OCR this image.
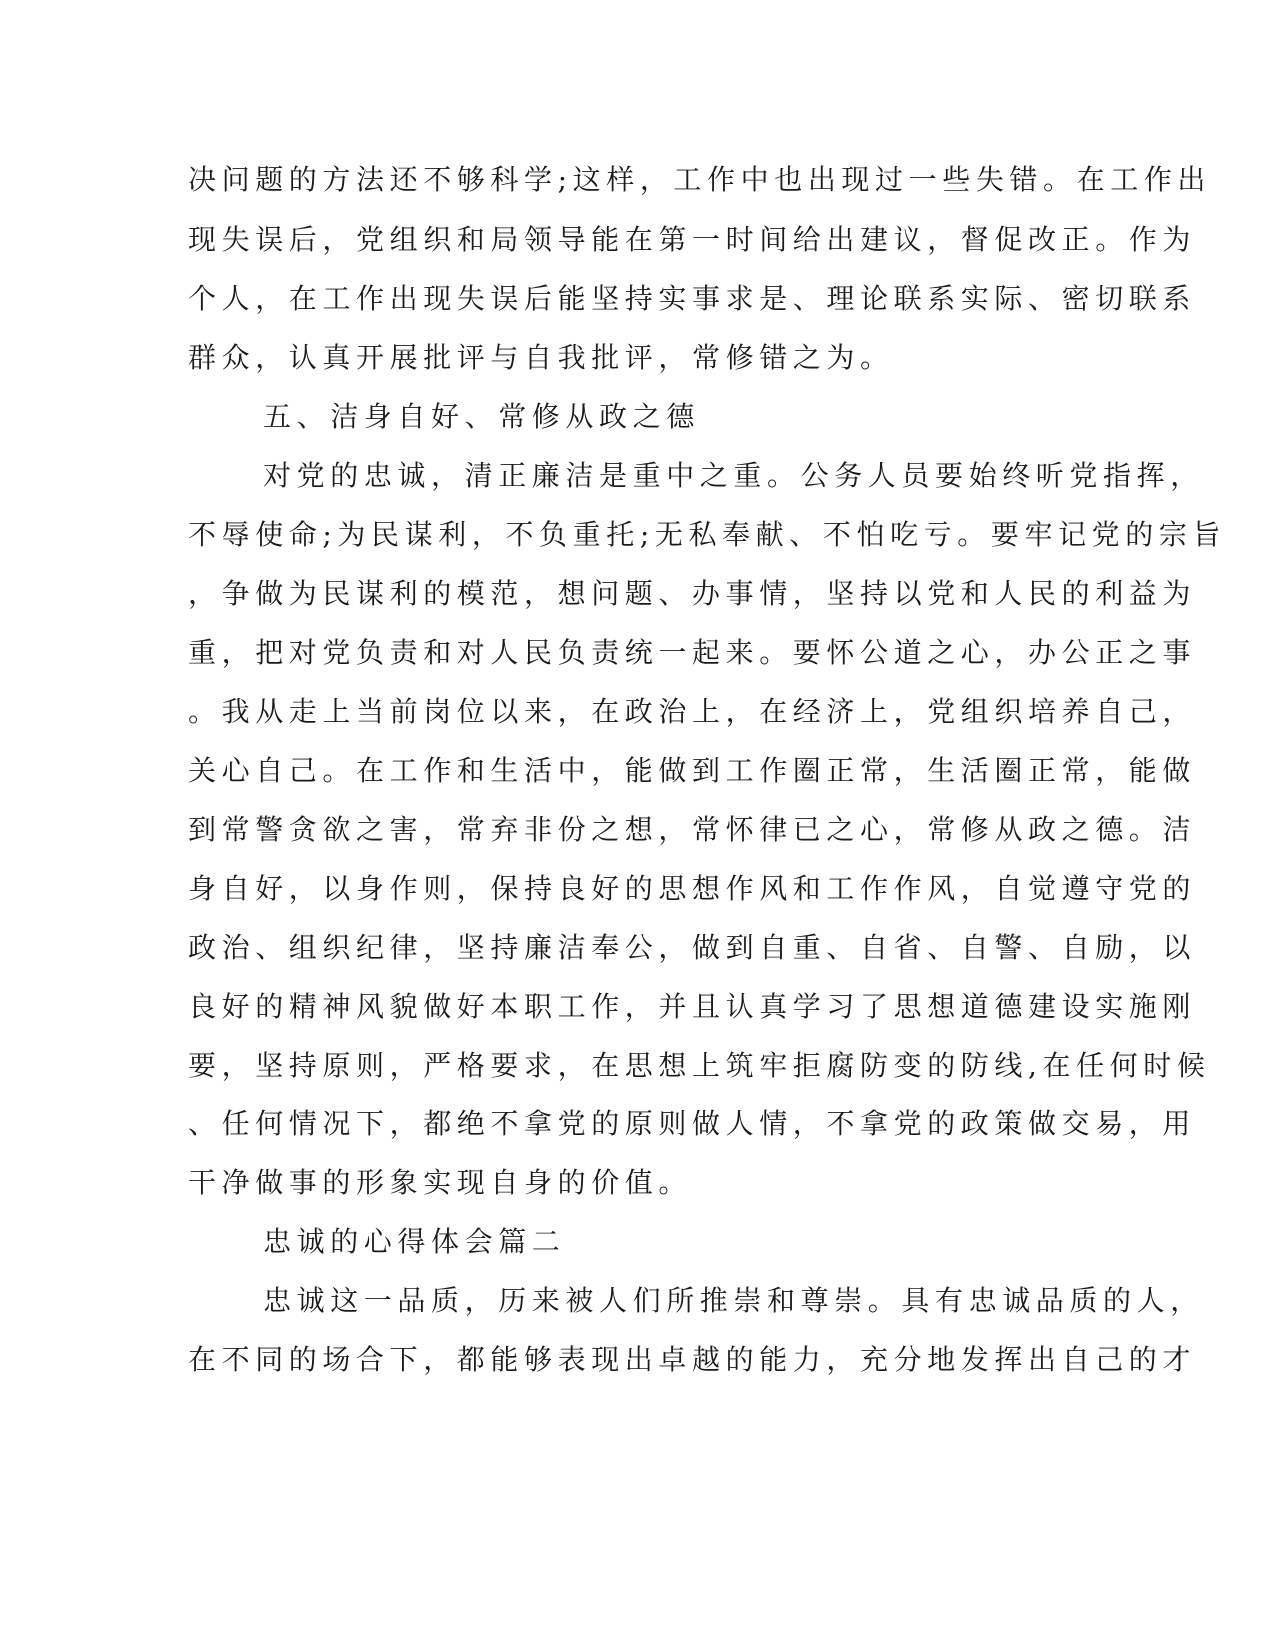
决问题的方法还不够科学;这样，工作中也出现过一些失错。在工作出
现失误后，党组织和局领导能在第一时间给出建议，督促改正。作为
个人，在工作出现失误后能坚持实事求是、理论联系实际、密切联系
群众，认真开展批评与自我批评，常修错之为。
五、洁身自好、常修从政之德
对党的忠诚，清正廉洁是重中之重。公务人员要始终听党指挥，
不辱使命;为民谋利，不负重托;无私奉献、不怕吃亏。要牢记党的宗旨
，争做为民谋利的模范，想问题、办事情，坚持以党和人民的利益为
重，把对党负责和对人民负责统一起来。要怀公道之心，办公正之事
。我从走上当前岗位以来，在政治上，在经济上，党组织培养自己，
关心自己。在工作和生活中，能做到工作圈正常，生活圈正常，能做
到常警贪欲之害，常弃非份之想，常怀律已之心，常修从政之德。洁
身自好，以身作则，保持良好的思想作风和工作作风，自觉遵守党的
政治、组织纪律，坚持廉洁奉公，做到自重、自省、自警、自励，以
良好的精神风貌做好本职工作，并且认真学习了思想道德建设实施刚
要，坚持原则，严格要求，在思想上筑牢拒腐防变的防线,在任何时候
、任何情况下，都绝不拿党的原则做人情，不拿党的政策做交易，用
干净做事的形象实现自身的价值。
忠诚的心得体会篇二
忠诚这一品质，历来被人们所推崇和尊崇。具有忠诚品质的人，
在不同的场合下，都能够表现出卓越的能力，充分地发挥出自己的才
